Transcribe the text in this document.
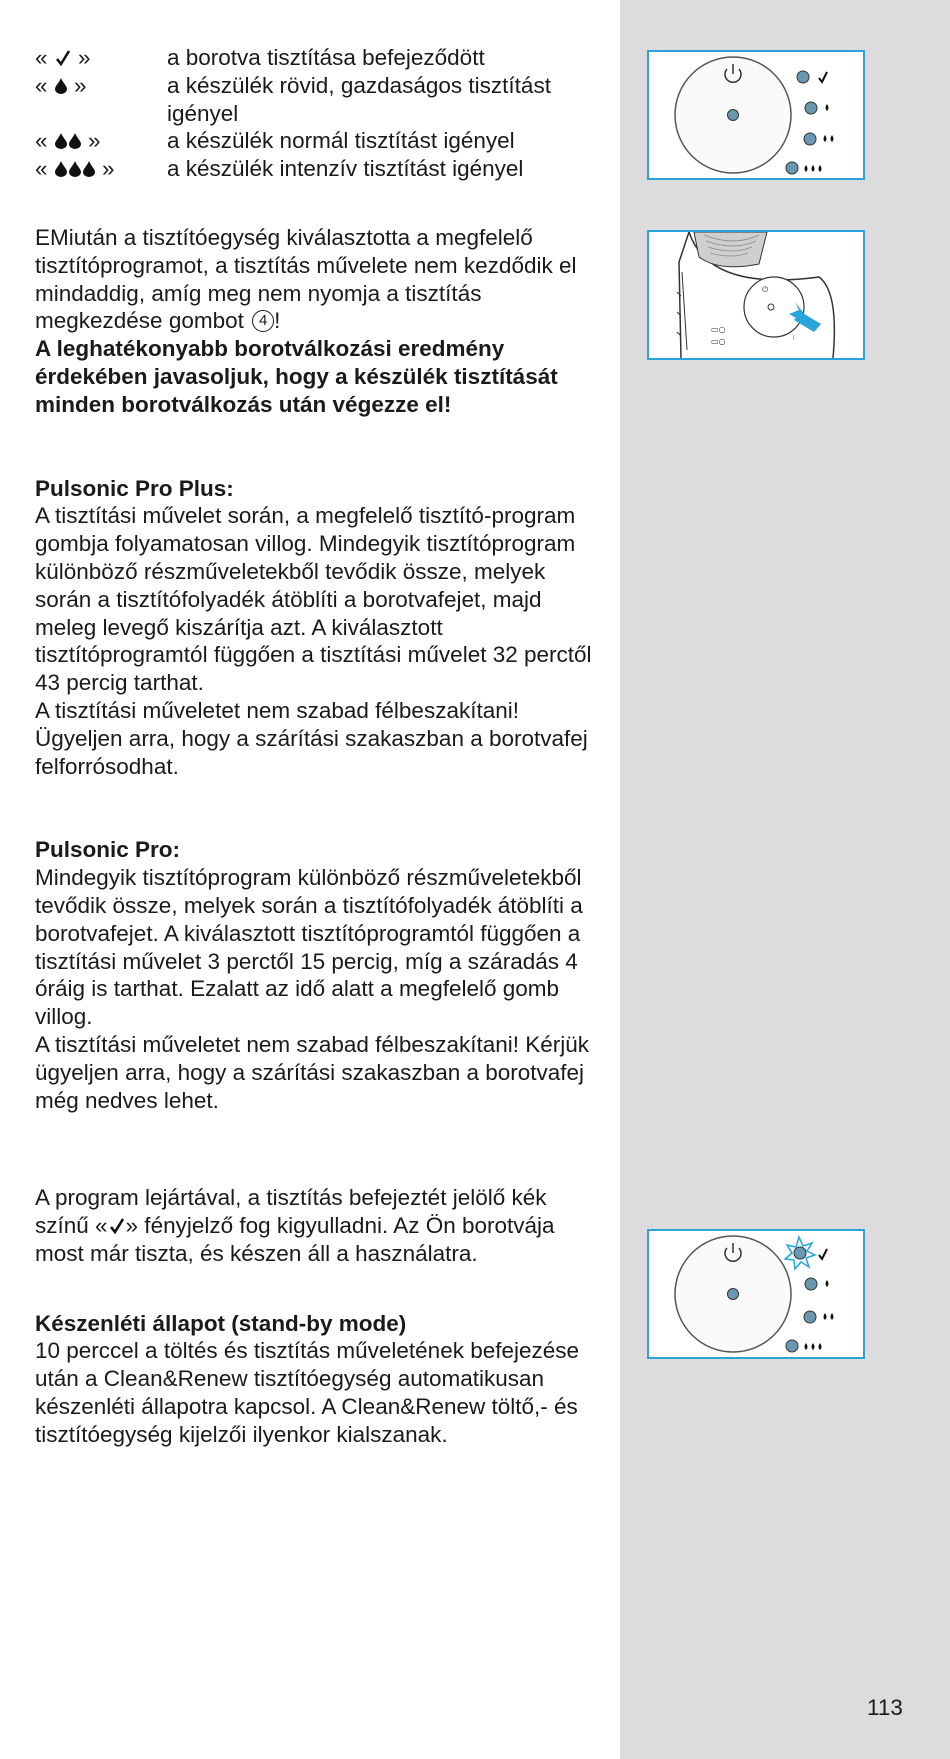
⏻
▭○
▭○	⦚
« »	a borotva tisztítása befejeződött
« »	a készülék rövid, gazdaságos tisztítást igényel
« »	a készülék normál tisztítást igényel
« »	a készülék intenzív tisztítást igényel

EMiután a tisztítóegység kiválasztotta a megfelelő tisztítóprogramot, a tisztítás művelete nem kezdődik el mindaddig, amíg meg nem nyomja a tisztítás megkezdése gombot 4 !

A leghatékonyabb borotválkozási eredmény érdekében javasoljuk, hogy a készülék tisztítását minden borotválkozás után végezze el!

Pulsonic Pro Plus:

A tisztítási művelet során, a megfelelő tisztító-program gombja folyamatosan villog. Mindegyik tisztítóprogram különböző részműveletekből tevődik össze, melyek során a tisztítófolyadék átöblíti a borotvafejet, majd meleg levegő kiszárítja azt. A kiválasztott tisztítóprogramtól függően a tisztítási művelet 32 perctől 43 percig tarthat.

A tisztítási műveletet nem szabad félbeszakítani! Ügyeljen arra, hogy a szárítási szakaszban a borotvafej felforrósodhat.

Pulsonic Pro:

Mindegyik tisztítóprogram különböző részműveletekből tevődik össze, melyek során a tisztítófolyadék átöblíti a borotvafejet. A kiválasztott tisztítóprogramtól függően a tisztítási művelet 3 perctől 15 percig, míg a száradás 4 óráig is tarthat. Ezalatt az idő alatt a megfelelő gomb villog.

A tisztítási műveletet nem szabad félbeszakítani! Kérjük ügyeljen arra, hogy a szárítási szakaszban a borotvafej még nedves lehet.

A program lejártával, a tisztítás befejeztét jelölő kék színű « » fényjelző fog kigyulladni. Az Ön borotvája most már tiszta, és készen áll a használatra.

Készenléti állapot (stand-by mode)

10 perccel a töltés és tisztítás műveletének befejezése után a Clean&Renew tisztítóegység automatikusan készenléti állapotra kapcsol. A Clean&Renew töltő,- és tisztítóegység kijelzői ilyenkor kialszanak.

113
